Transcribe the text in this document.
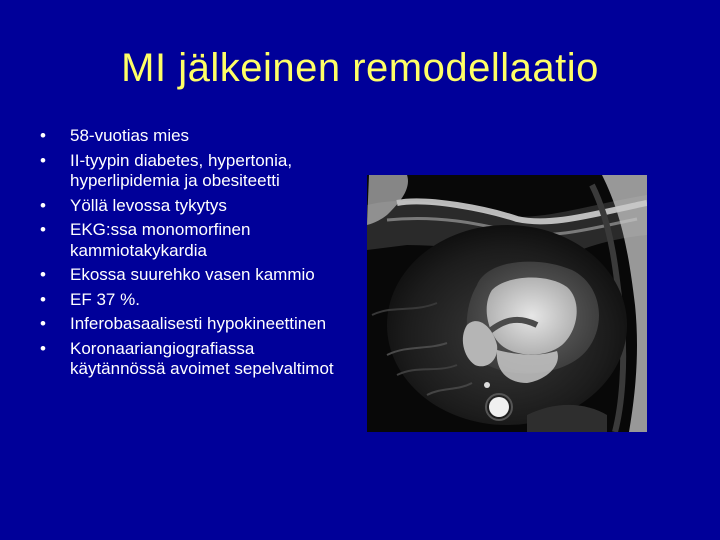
MI jälkeinen remodellaatio
• 58-vuotias mies
• II-tyypin diabetes, hypertonia, hyperlipidemia ja obesiteetti
• Yöllä levossa tykytys
• EKG:ssa monomorfinen kammiotakykardia
• Ekossa suurehko vasen kammio
• EF 37 %.
• Inferobasaalisesti hypokineettinen
• Koronaariangiografiassa käytännössä avoimet sepelvaltimot
